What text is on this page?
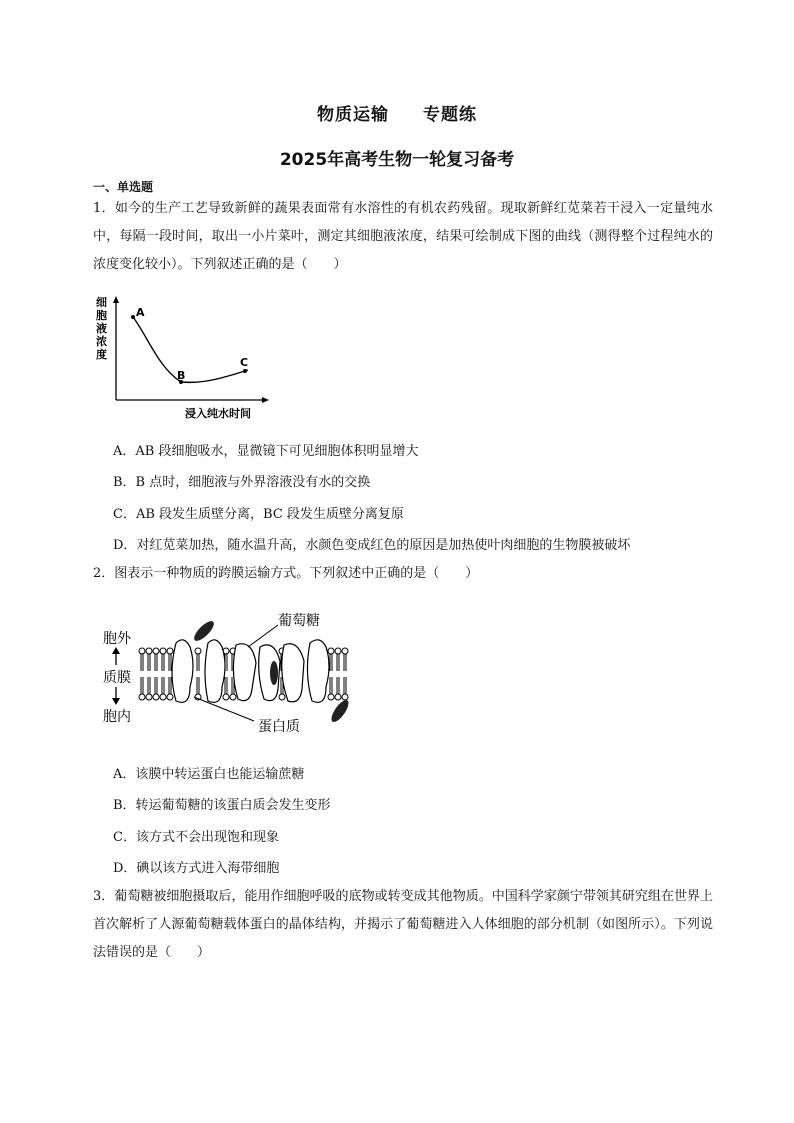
物质运输 专题练
2025年高考生物一轮复习备考
一、单选题
1．如今的生产工艺导致新鲜的蔬果表面常有水溶性的有机农药残留。现取新鲜红苋菜若干浸入一定量纯水中，每隔一段时间，取出一小片菜叶，测定其细胞液浓度，结果可绘制成下图的曲线（测得整个过程纯水的浓度变化较小）。下列叙述正确的是（　　）
细胞液浓度
A
B
C
浸入纯水时间
A．AB 段细胞吸水，显微镜下可见细胞体积明显增大
B．B 点时，细胞液与外界溶液没有水的交换
C．AB 段发生质壁分离，BC 段发生质壁分离复原
D．对红苋菜加热，随水温升高，水颜色变成红色的原因是加热使叶肉细胞的生物膜被破坏
2．图表示一种物质的跨膜运输方式。下列叙述中正确的是（　　）
胞外
质膜
胞内
葡萄糖
蛋白质
A．该膜中转运蛋白也能运输蔗糖
B．转运葡萄糖的该蛋白质会发生变形
C．该方式不会出现饱和现象
D．碘以该方式进入海带细胞
3．葡萄糖被细胞摄取后，能用作细胞呼吸的底物或转变成其他物质。中国科学家颜宁带领其研究组在世界上首次解析了人源葡萄糖载体蛋白的晶体结构，并揭示了葡萄糖进入人体细胞的部分机制（如图所示）。下列说法错误的是（　　）
